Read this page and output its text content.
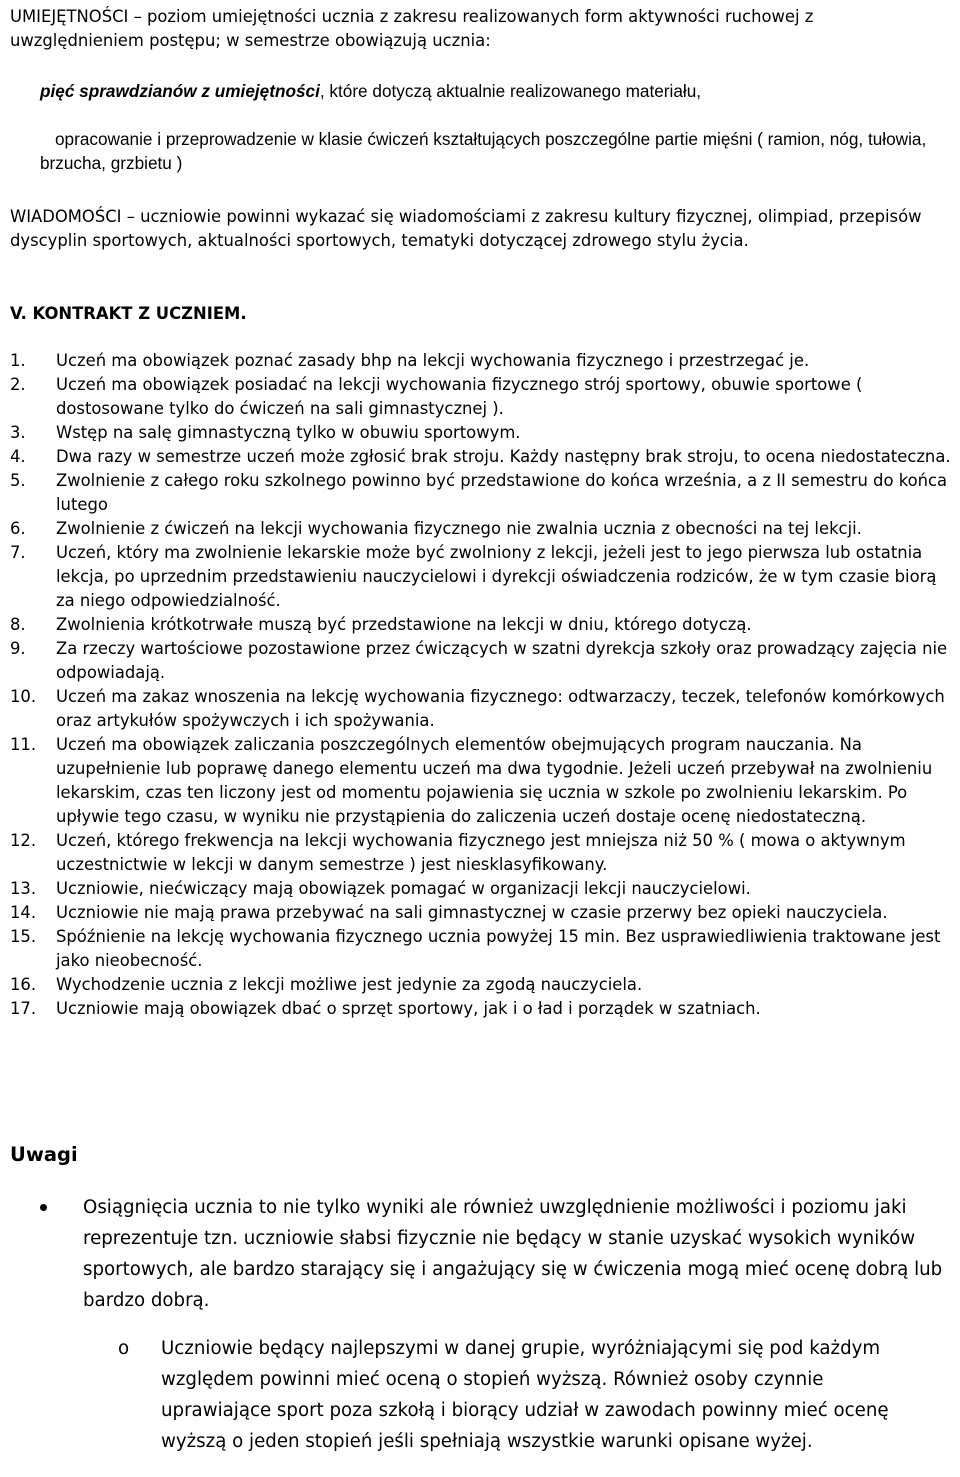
UMIEJĘTNOŚCI – poziom umiejętności ucznia z zakresu realizowanych form aktywności ruchowej z uwzględnieniem postępu; w semestrze obowiązują ucznia:

pięć sprawdzianów z umiejętności, które dotyczą aktualnie realizowanego materiału,

opracowanie i przeprowadzenie w klasie ćwiczeń kształtujących poszczególne partie mięśni ( ramion, nóg, tułowia, brzucha, grzbietu )

WIADOMOŚCI – uczniowie powinni wykazać się wiadomościami z zakresu kultury fizycznej, olimpiad, przepisów dyscyplin sportowych, aktualności sportowych, tematyki dotyczącej zdrowego stylu życia.

V. KONTRAKT Z UCZNIEM.
1.	Uczeń ma obowiązek poznać zasady bhp na lekcji wychowania fizycznego i przestrzegać je.
2.	Uczeń ma obowiązek posiadać na lekcji wychowania fizycznego strój sportowy, obuwie sportowe ( dostosowane tylko do ćwiczeń na sali gimnastycznej ).
3.	Wstęp na salę gimnastyczną tylko w obuwiu sportowym.
4.	Dwa razy w semestrze uczeń może zgłosić brak stroju. Każdy następny brak stroju, to ocena niedostateczna.
5.	Zwolnienie z całego roku szkolnego powinno być przedstawione do końca września, a z II semestru do końca lutego
6.	Zwolnienie z ćwiczeń na lekcji wychowania fizycznego nie zwalnia ucznia z obecności na tej lekcji.
7.	Uczeń, który ma zwolnienie lekarskie może być zwolniony z lekcji, jeżeli jest to jego pierwsza lub ostatnia lekcja, po uprzednim przedstawieniu nauczycielowi i dyrekcji oświadczenia rodziców, że w tym czasie biorą za niego odpowiedzialność.
8.	Zwolnienia krótkotrwałe muszą być przedstawione na lekcji w dniu, którego dotyczą.
9.	Za rzeczy wartościowe pozostawione przez ćwiczących w szatni dyrekcja szkoły oraz prowadzący zajęcia nie odpowiadają.
10.	Uczeń ma zakaz wnoszenia na lekcję wychowania fizycznego: odtwarzaczy, teczek, telefonów komórkowych oraz artykułów spożywczych i ich spożywania.
11.	Uczeń ma obowiązek zaliczania poszczególnych elementów obejmujących program nauczania. Na uzupełnienie lub poprawę danego elementu uczeń ma dwa tygodnie. Jeżeli uczeń przebywał na zwolnieniu lekarskim, czas ten liczony jest od momentu pojawienia się ucznia w szkole po zwolnieniu lekarskim. Po upływie tego czasu, w wyniku nie przystąpienia do zaliczenia uczeń dostaje ocenę niedostateczną.
12.	Uczeń, którego frekwencja na lekcji wychowania fizycznego jest mniejsza niż 50 % ( mowa o aktywnym uczestnictwie w lekcji w danym semestrze ) jest niesklasyfikowany.
13.	Uczniowie, niećwiczący mają obowiązek pomagać w organizacji lekcji nauczycielowi.
14.	Uczniowie nie mają prawa przebywać na sali gimnastycznej w czasie przerwy bez opieki nauczyciela.
15.	Spóźnienie na lekcję wychowania fizycznego ucznia powyżej 15 min. Bez usprawiedliwienia traktowane jest jako nieobecność.
16.	Wychodzenie ucznia z lekcji możliwe jest jedynie za zgodą nauczyciela.
17.	Uczniowie mają obowiązek dbać o sprzęt sportowy, jak i o ład i porządek w szatniach.
Uwagi

Osiągnięcia ucznia to nie tylko wyniki ale również uwzględnienie możliwości i poziomu jaki reprezentuje tzn. uczniowie słabsi fizycznie nie będący w stanie uzyskać wysokich wyników sportowych, ale bardzo starający się i angażujący się w ćwiczenia mogą mieć ocenę dobrą lub bardzo dobrą.

o Uczniowie będący najlepszymi w danej grupie, wyróżniającymi się pod każdym względem powinni mieć oceną o stopień wyższą. Również osoby czynnie uprawiające sport poza szkołą i biorący udział w zawodach powinny mieć ocenę wyższą o jeden stopień jeśli spełniają wszystkie warunki opisane wyżej.
